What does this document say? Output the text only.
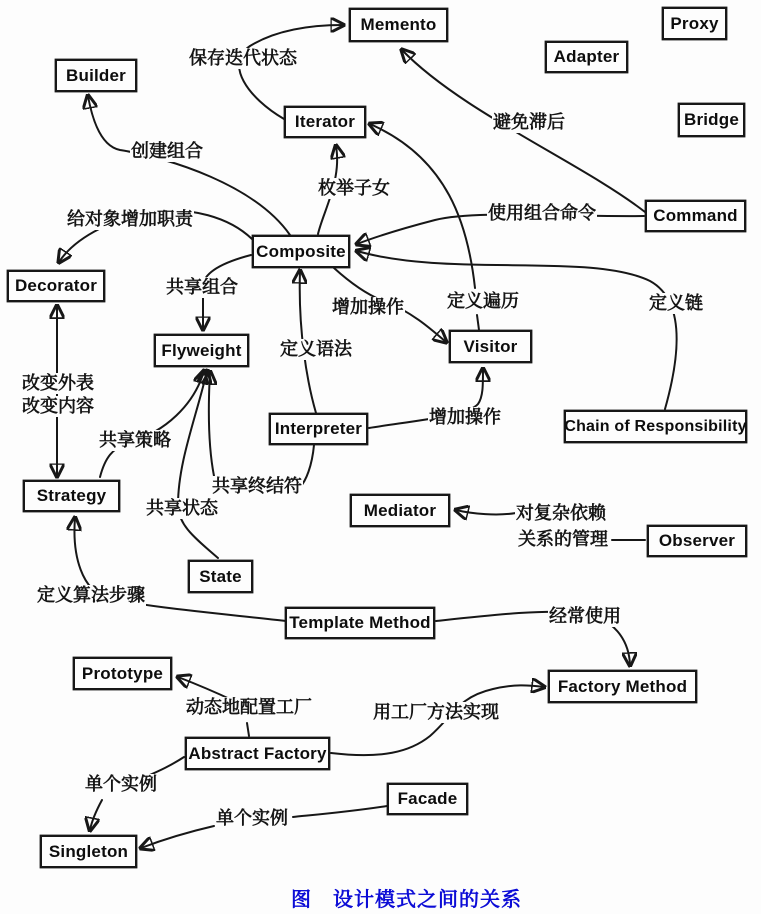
Memento	Proxy
Adapter
Builder
Iterator	Bridge
Command
Composite
Decorator
Flyweight	Visitor
Chain of Responsibility
Interpreter
Mediator
Observer
Strategy
State
Template Method
Prototype
Factory Method
Abstract Factory
Facade
Singleton
保存迭代状态
避免滞后
创建组合
枚举子女
使用组合命令
给对象增加职责
共享组合
增加操作 定义遍历	定义链
定义语法
改变外表
改变内容
共享策略
增加操作
共享终结符
共享状态	对复杂依赖
关系的管理
定义算法步骤
经常使用
动态地配置工厂	用工厂方法实现
单个实例
单个实例
图　设计模式之间的关系
